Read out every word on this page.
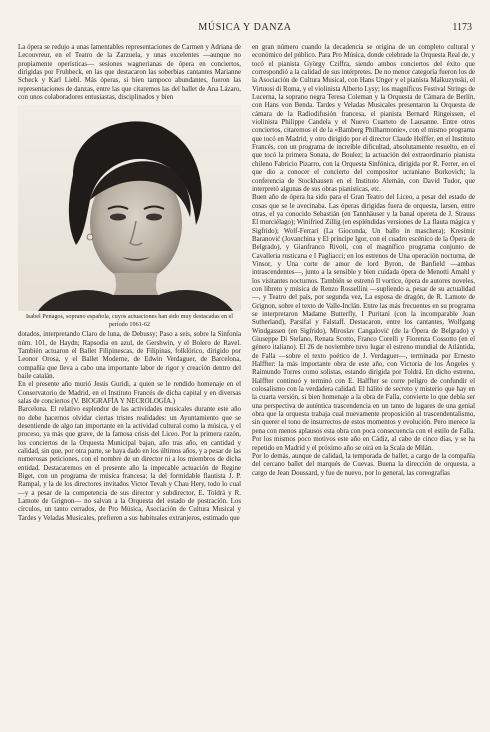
MÚSICA Y DANZA	1173

La ópera se redujo a unas lamentables representaciones de Carmen y Adriana de Lecouvreur, en el Teatro de la Zarzuela, y unas excelentes —aunque no propiamente operísticas— sesiones wagnerianas de ópera en conciertos, dirigidas por Fruhbeck, en las que destacaron las soberbias cantantes Marianne Scheck y Karl Liebl. Más óperas, si bien tampoco abundantes, fueron las representaciones de danzas, entre las que citaremos las del ballet de Ana Lázaro, con unos colaboradores entusiastas, disciplinados y bien

Isabel Penagos, soprano española, cuyos actuaciones han sido muy destacadas en el período 1961-62

dotados, interpretando Claro de luna, de Debussy; Paso a seis, sobre la Sinfonía núm. 101, de Haydn; Rapsodia en azul, de Gershwin, y el Bolero de Ravel. También actuaron el Ballet Filipinescas, de Filipinas, folklórico, dirigido por Leonor Orosa, y el Ballet Moderne, de Edwin Verdaguer, de Barcelona, compañía que lleva a cabo una importante labor de rigor y creación dentro del baile catalán.

En el presente año murió Jesús Guridi, a quien se le rendido homenaje en el Conservatorio de Madrid, en el Instituto Francés de dicha capital y en diversas salas de conciertos (V. BIOGRAFÍA Y NECROLOGÍA.)

Barcelona. El relativo esplendor de las actividades musicales durante este año no debe hacernos olvidar ciertas tristes realidades: un Ayuntamiento que se desentiende de algo tan importante en la actividad cultural como la música, y el proceso, ya más que grave, de la famosa crisis del Liceo. Por la primera razón, los conciertos de la Orquesta Municipal bajan, año tras año, en cantidad y calidad, sin que, por otra parte, se haya dado en los últimos años, y a pesar de las numerosas peticiones, con el nombre de un director ni a los miembros de dicha entidad. Destacaremos en el presente año la impecable actuación de Regine Biget, con un programa de música francesa; la del formidable flautista J. P. Rampal, y la de los directores invitados Victor Tevah y Chau Hery, todo lo cual —y a pesar de la competencia de sus director y subdirector, E. Toldrá y R. Lamote de Grignon— no salvan a la Orquesta del estado de postración. Los círculos, un tanto cerrados, de Pro Música, Asociación de Cultura Musical y Tardes y Veladas Musicales, prefieren a sus habituales extranjeros, estimado que

en gran número cuando la decadencia se origina de un completo cultural y económico del público. Para Pro Música, donde celebrade la Orquesta Real de, y tocó el pianista György Cziffra, siendo ambos conciertos del éxito que correspondió a la calidad de sus intérpretes. De no menor categoría fueron los de la Asociación de Cultura Musical, con Hans Unger y el pianista Malkuzynski, el Virtuosi di Roma, y el violinista Alberto Lysy; los magníficos Festival Strings de Lucerna, la soprano negra Teresa Coleman y la Orquesta de Cámara de Berlín, con Hans von Benda. Tardes y Veladas Musicales presentaron la Orquesta de cámara de la Radiodifusión francesa, el pianista Bernard Ringeissen, el violinista Philippe Candela y el Nuevo Cuarteto de Lausanne. Entre otros conciertos, citaremos el de la «Bamberg Philharmonie», con el mismo programa que tocó en Madrid, y otro dirigido por el director Claude Helffer, en el Instituto Francés, con un programa de increíble dificultad, absolutamente resuelto, en el que tocó la primera Sonata, de Boulez; la actuación del extraordinario pianista chileno Fabricio Pizarro, con la Orquesta Sinfónica, dirigida por R. Ferrer, en el que dio a conocer el concierto del compositor ucraniano Borkovich; la conferencia de Stockhausen en el Instituto Alemán, con David Tudor, que interpretó algunas de sus obras pianísticas, etc.

Buen año de ópera ha sido para el Gran Teatro del Liceo, a pesar del estado de cosas que se le avecinaba. Las óperas dirigidas fuera de orquesta, larsen, entre otras, el ya conocido Sebastián (en Tannhäuser y la banal opereta de J. Strauss El murciélago); Winifried Zillig (en espléndidas versiones de La flauta mágica y Sigfrido); Wolf-Ferrari (La Gioconda, Un ballo in maschera); Kresimir Baranović (Jovanchina y El príncipe Igor, con el cuadro escénico de la Ópera de Belgrado), y Gianfranco Rivoli, con el magnífico programa conjunto de Cavalleria rusticana e I Pagliacci; en los estrenos de Una operación nocturna, de Vinsor, y Una corte de amor de lord Byron, de Banfield —ambas intrascendentes—, junto a la sensible y bien cuidada ópera de Menotti Amahl y los visitantes nocturnos. También se estrenó Il vortice, ópera de autores noveles, con libreto y música de Renzo Rossellini —supliendo a, pesar de su actualidad—, y Teatro del país, por segunda vez, La esposa de dragón, de R. Lamote de Grignon, sobre el texto de Valle-Inclán. Entre las más frecuentes en su programa se interpretaron Madame Butterfly, I Puritani (con la incomparable Joan Sutherland), Parsifal y Falstaff. Destacaron, entre los cantantes, Wolfgang Windgassen (en Sigfrido), Miroslav Cangalović (de la Ópera de Belgrado) y Giuseppe Di Stefano, Renata Scotto, Franco Corelli y Fiorenza Cossotto (en el género italiano). El 26 de noviembre tuvo lugar el estreno mundial de Atlántida, de Falla —sobre el texto poético de J. Verdaguer—, terminada por Ernesto Halffter: la más importante obra de este año, con Victoria de los Ángeles y Raimundo Torres como solistas, estando dirigida por Toldrá. En dicho estreno, Halffter continuó y terminó con E. Halffter se corre peligro de confundir el colosalismo con la verdadera calidad. El hálito de secreto y misterio que hay en la cuarta versión, si bien homenaje a la obra de Falla, convierte lo que debía ser una perspectiva de auténtica trascendencia en un tanto de lugares de una genial obra que la orquesta trabaja cual nuevamente proposición al trascendentalismo, sin querer el tono de insurrectos de estos momentos y evolución. Pero merece la pena con menos aplausos esta obra con poca consecuencia con el estilo de Falla. Por los mismos poco motivos este año en Cádiz, al cabo de cinco días, y se ha repetido en Madrid y el próximo año se oirá en la Scala de Milán.

Por lo demás, aunque de calidad, la temporada de ballet, a cargo de la compañía del cercano ballet del marqués de Cuevas. Buena la dirección de orquesta, a cargo de Jean Doussard, y fue de nuevo, por lo general, las coreografías
